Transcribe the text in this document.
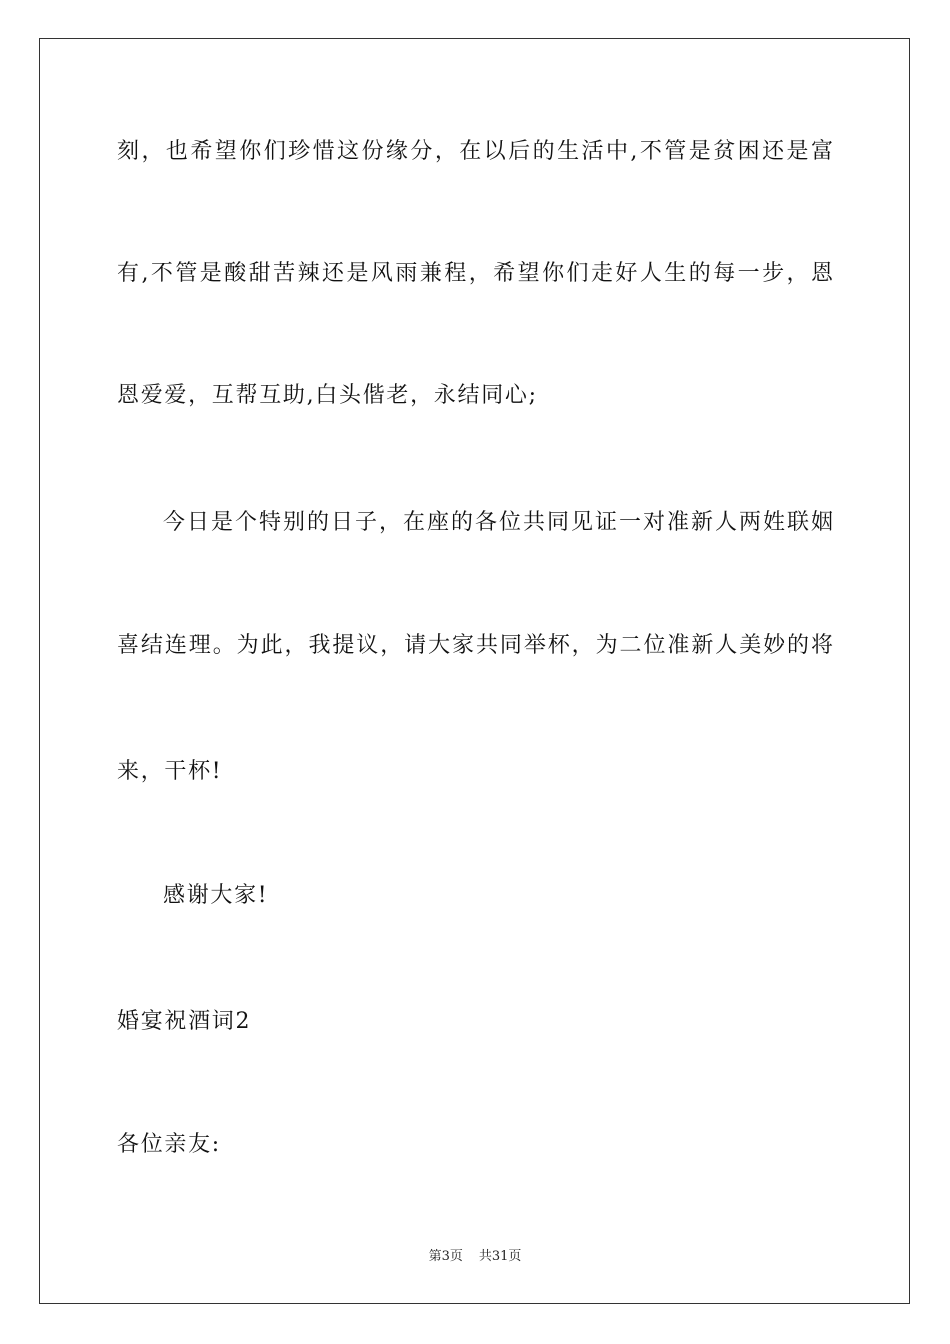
刻，也希望你们珍惜这份缘分，在以后的生活中,不管是贫困还是富
有,不管是酸甜苦辣还是风雨兼程，希望你们走好人生的每一步，恩
恩爱爱，互帮互助,白头偕老，永结同心;
今日是个特别的日子，在座的各位共同见证一对准新人两姓联姻
喜结连理。为此，我提议，请大家共同举杯，为二位准新人美妙的将
来，干杯!
感谢大家!
婚宴祝酒词2
各位亲友:
第3页 共31页
